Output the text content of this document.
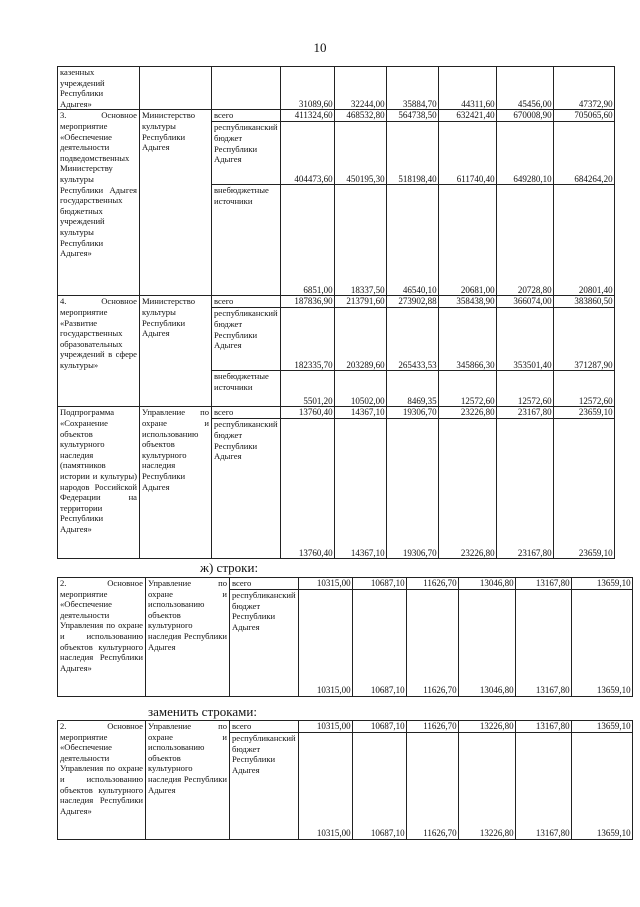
10
казенных учреждений Республики Адыгея»			31089,60	32244,00	35884,70	44311,60	45456,00	47372,90
3. Основное мероприятие «Обеспечение деятельности подведомственных Министерству культуры Республики Адыгея государственных бюджетных учреждений культуры Республики Адыгея»	Министерство культуры Республики Адыгея	всего	411324,60	468532,80	564738,50	632421,40	670008,90	705065,60
		республиканский бюджет Республики Адыгея	404473,60	450195,30	518198,40	611740,40	649280,10	684264,20
		внебюджетные источники	6851,00	18337,50	46540,10	20681,00	20728,80	20801,40
4. Основное мероприятие «Развитие государственных образовательных учреждений в сфере культуры»	Министерство культуры Республики Адыгея	всего	187836,90	213791,60	273902,88	358438,90	366074,00	383860,50
		республиканский бюджет Республики Адыгея	182335,70	203289,60	265433,53	345866,30	353501,40	371287,90
		внебюджетные источники	5501,20	10502,00	8469,35	12572,60	12572,60	12572,60
Подпрограмма «Сохранение объектов культурного наследия (памятников истории и культуры) народов Российской Федерации на территории Республики Адыгея»	Управление по охране и использованию объектов культурного наследия Республики Адыгея	всего	13760,40	14367,10	19306,70	23226,80	23167,80	23659,10
		республиканский бюджет Республики Адыгея	13760,40	14367,10	19306,70	23226,80	23167,80	23659,10
ж) строки:
2. Основное мероприятие «Обеспечение деятельности Управления по охране и использованию объектов культурного наследия Республики Адыгея»	Управление по охране и использованию объектов культурного наследия Республики Адыгея	всего	10315,00	10687,10	11626,70	13046,80	13167,80	13659,10
		республиканский бюджет Республики Адыгея	10315,00	10687,10	11626,70	13046,80	13167,80	13659,10
заменить строками:
2. Основное мероприятие «Обеспечение деятельности Управления по охране и использованию объектов культурного наследия Республики Адыгея»	Управление по охране и использованию объектов культурного наследия Республики Адыгея	всего	10315,00	10687,10	11626,70	13226,80	13167,80	13659,10
		республиканский бюджет Республики Адыгея	10315,00	10687,10	11626,70	13226,80	13167,80	13659,10
